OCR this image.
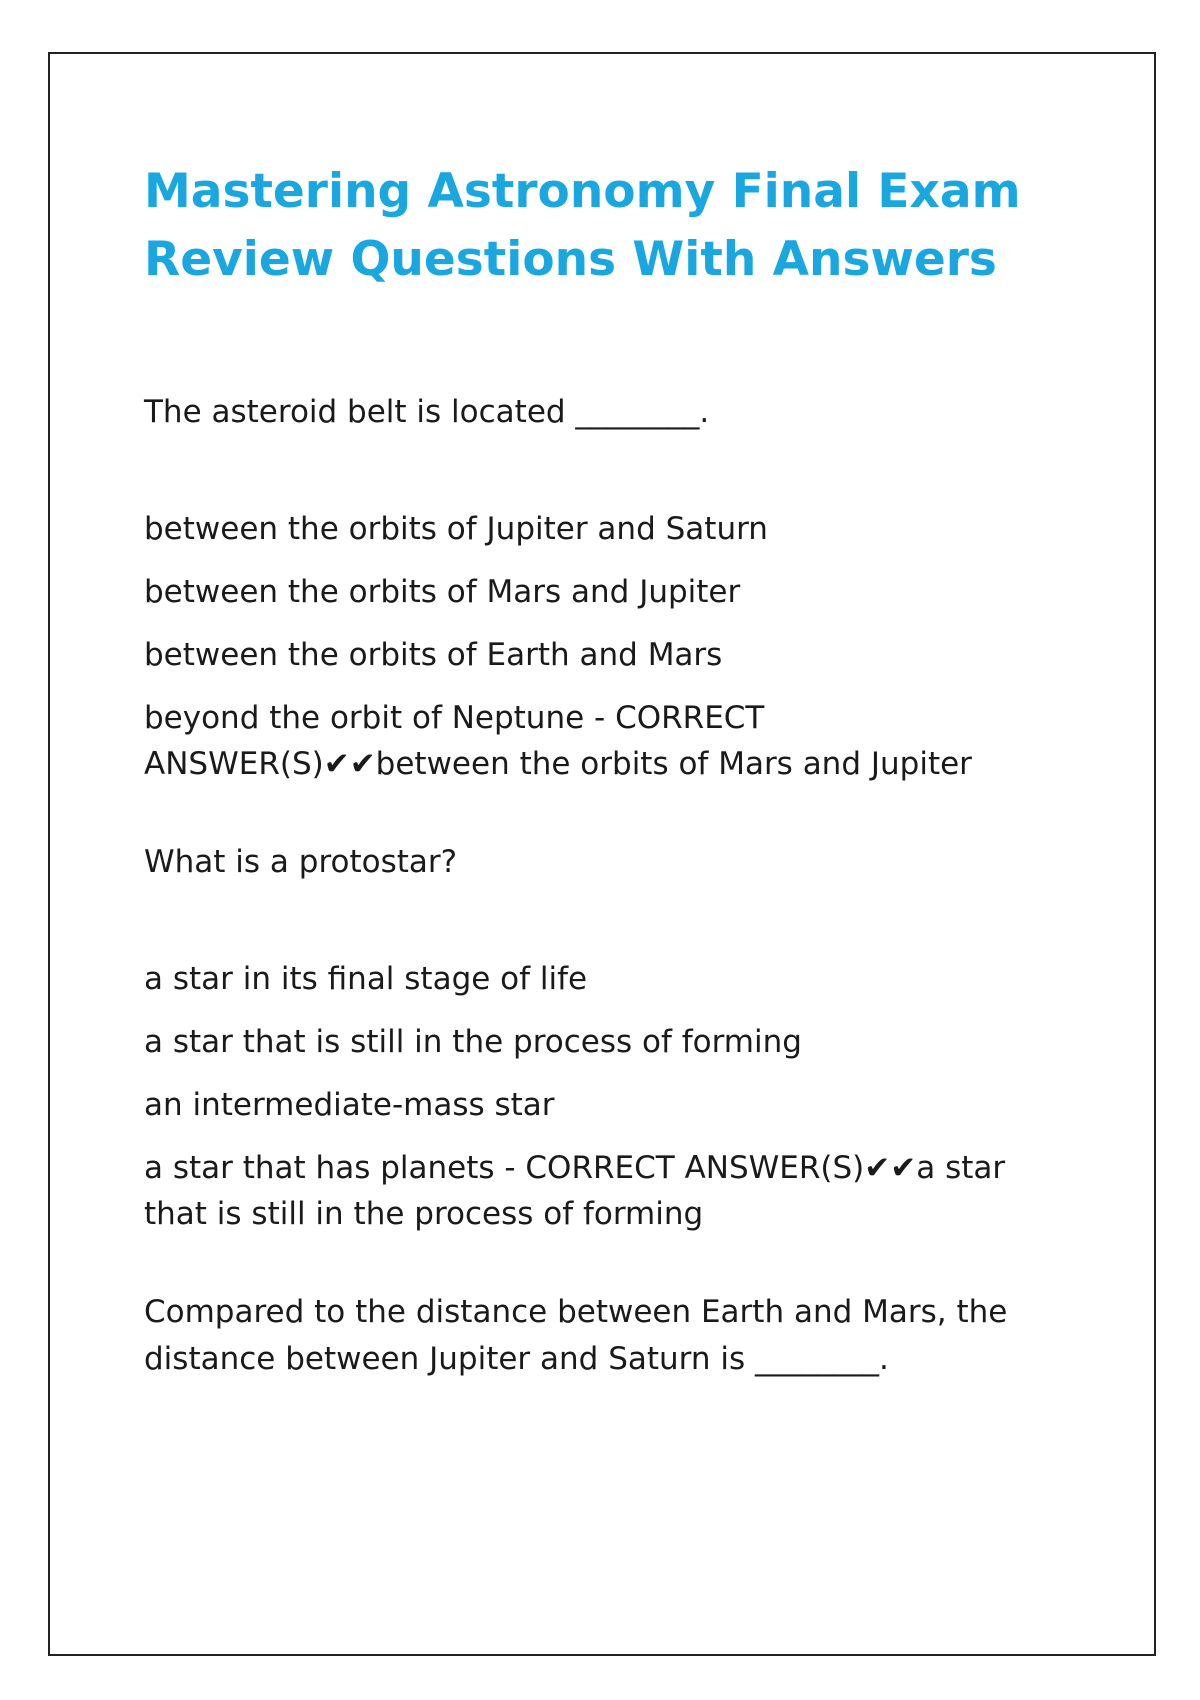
Mastering Astronomy Final Exam Review Questions With Answers

The asteroid belt is located ________.

between the orbits of Jupiter and Saturn
between the orbits of Mars and Jupiter
between the orbits of Earth and Mars
beyond the orbit of Neptune - CORRECT ANSWER(S)✔✔between the orbits of Mars and Jupiter

What is a protostar?

a star in its final stage of life
a star that is still in the process of forming
an intermediate-mass star
a star that has planets - CORRECT ANSWER(S)✔✔a star that is still in the process of forming

Compared to the distance between Earth and Mars, the distance between Jupiter and Saturn is ________.
